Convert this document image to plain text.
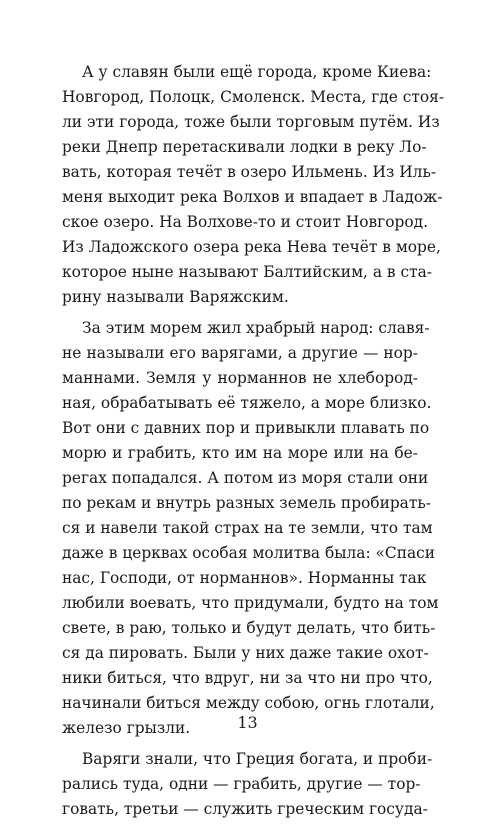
А у славян были ещё города, кроме Киева:
Новгород, Полоцк, Смоленск. Места, где стоя-
ли эти города, тоже были торговым путём. Из
реки Днепр перетаскивали лодки в реку Ло-
вать, которая течёт в озеро Ильмень. Из Иль-
меня выходит река Волхов и впадает в Ладож-
ское озеро. На Волхове-то и стоит Новгород.
Из Ладожского озера река Нева течёт в море,
которое ныне называют Балтийским, а в ста-
рину называли Варяжским.

За этим морем жил храбрый народ: славя-
не называли его варягами, а другие — нор-
маннами. Земля у норманнов не хлебород-
ная, обрабатывать её тяжело, а море близко.
Вот они с давних пор и привыкли плавать по
морю и грабить, кто им на море или на бе-
регах попадался. А потом из моря стали они
по рекам и внутрь разных земель пробирать-
ся и навели такой страх на те земли, что там
даже в церквах особая молитва была: «Спаси
нас, Господи, от норманнов». Норманны так
любили воевать, что придумали, будто на том
свете, в раю, только и будут делать, что бить-
ся да пировать. Были у них даже такие охот-
ники биться, что вдруг, ни за что ни про что,
начинали биться между собою, огнь глотали,
железо грызли.

Варяги знали, что Греция богата, и проби-
рались туда, одни — грабить, другие — тор-
говать, третьи — служить греческим госуда-

13
